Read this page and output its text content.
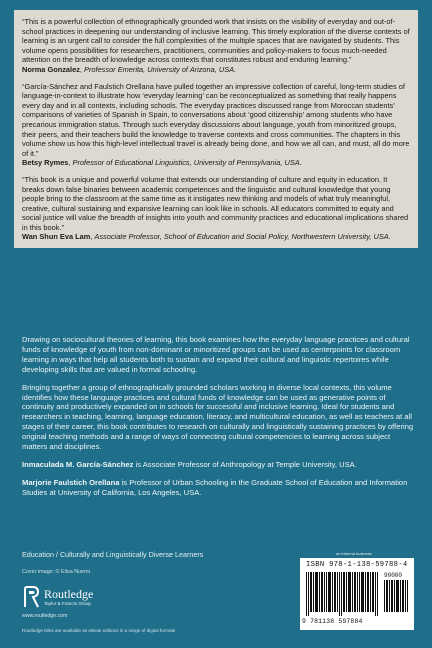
“This is a powerful collection of ethnographically grounded work that insists on the visibility of everyday and out-of-school practices in deepening our understanding of inclusive learning. This timely exploration of the diverse contexts of learning is an urgent call to consider the full complexities of the multiple spaces that are navigated by students. This volume opens possibilities for researchers, practitioners, communities and policy-makers to focus much-needed attention on the breadth of knowledge across contexts that constitutes robust and enduring learning.”

Norma Gonzalez, Professor Emerita, University of Arizona, USA.

“García-Sánchez and Faulstich Orellana have pulled together an impressive collection of careful, long-term studies of language-in-context to illustrate how ‘everyday learning’ can be reconceptualized as something that really happens every day and in all contexts, including schools. The everyday practices discussed range from Moroccan students’ comparisons of varieties of Spanish in Spain, to conversations about ‘good citizenship’ among students who have precarious immigration status. Through such everyday discussions about language, youth from minoritized groups, their peers, and their teachers build the knowledge to traverse contexts and cross communities. The chapters in this volume show us how this high-level intellectual travel is already being done, and how we all can, and must, all do more of it.”

Betsy Rymes, Professor of Educational Linguistics, University of Pennsylvania, USA.

“This book is a unique and powerful volume that extends our understanding of culture and equity in education. It breaks down false binaries between academic competences and the linguistic and cultural knowledge that young people bring to the classroom at the same time as it instigates new thinking and models of what truly meaningful, creative, cultural sustaining and expansive learning can look like in schools. All educators committed to equity and social justice will value the breadth of insights into youth and community practices and educational implications shared in this book.”

Wan Shun Eva Lam, Associate Professor, School of Education and Social Policy, Northwestern University, USA.

Drawing on sociocultural theories of learning, this book examines how the everyday language practices and cultural funds of knowledge of youth from non-dominant or minoritized groups can be used as centerpoints for classroom learning in ways that help all students both to sustain and expand their cultural and linguistic repertoires while developing skills that are valued in formal schooling.

Bringing together a group of ethnographically grounded scholars working in diverse local contexts, this volume identifies how these language practices and cultural funds of knowledge can be used as generative points of continuity and productively expanded on in schools for successful and inclusive learning. Ideal for students and researchers in teaching, learning, language education, literacy, and multicultural education, as well as teachers at all stages of their career, this book contributes to research on culturally and linguistically sustaining practices by offering original teaching methods and a range of ways of connecting cultural competencies to learning across subject matters and disciplines.

Inmaculada M. García-Sánchez is Associate Professor of Anthropology at Temple University, USA.

Marjorie Faulstich Orellana is Professor of Urban Schooling in the Graduate School of Education and Information Studies at University of California, Los Angeles, USA.

Education / Culturally and Linguistically Diverse Learners
Cover image: © Elisa Nuemi
Routledge
Taylor & Francis Group
www.routledge.com
Routledge titles are available as eBook editions in a range of digital formats
an informa business
ISBN 978-1-138-59788-4
90000
9 781138 597884
